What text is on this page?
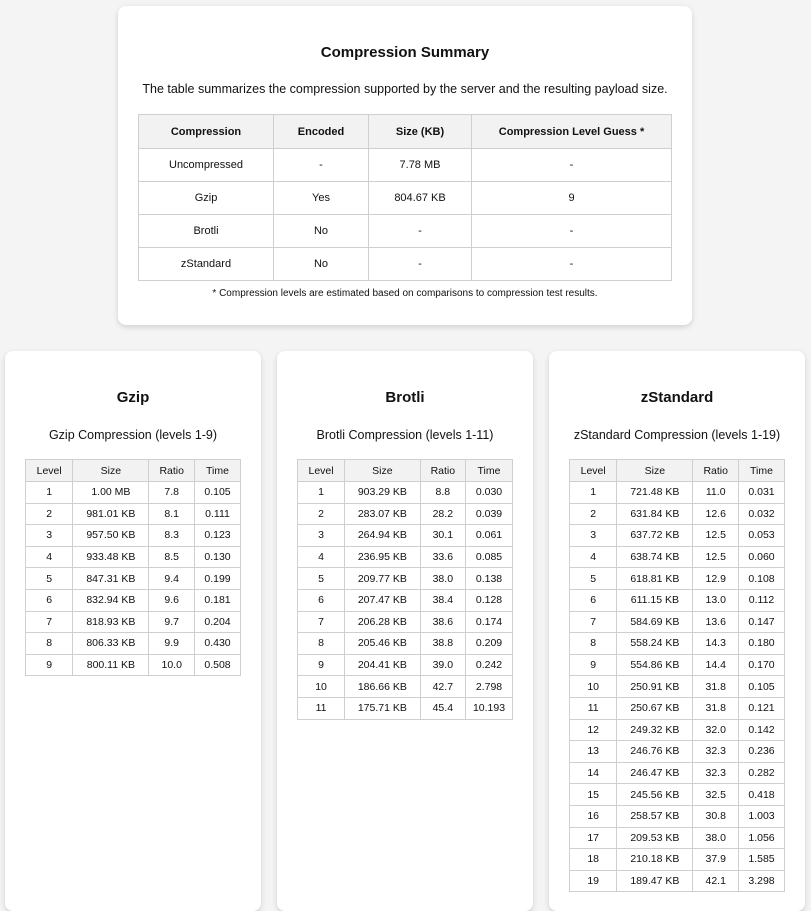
Compression Summary
The table summarizes the compression supported by the server and the resulting payload size.
Compression	Encoded	Size (KB)	Compression Level Guess *
Uncompressed	-	7.78 MB	-
Gzip	Yes	804.67 KB	9
Brotli	No	-	-
zStandard	No	-	-
* Compression levels are estimated based on comparisons to compression test results.
Gzip
Gzip Compression (levels 1-9)
Level	Size	Ratio	Time
1	1.00 MB	7.8	0.105
2	981.01 KB	8.1	0.111
3	957.50 KB	8.3	0.123
4	933.48 KB	8.5	0.130
5	847.31 KB	9.4	0.199
6	832.94 KB	9.6	0.181
7	818.93 KB	9.7	0.204
8	806.33 KB	9.9	0.430
9	800.11 KB	10.0	0.508
Brotli
Brotli Compression (levels 1-11)
Level	Size	Ratio	Time
1	903.29 KB	8.8	0.030
2	283.07 KB	28.2	0.039
3	264.94 KB	30.1	0.061
4	236.95 KB	33.6	0.085
5	209.77 KB	38.0	0.138
6	207.47 KB	38.4	0.128
7	206.28 KB	38.6	0.174
8	205.46 KB	38.8	0.209
9	204.41 KB	39.0	0.242
10	186.66 KB	42.7	2.798
11	175.71 KB	45.4	10.193
zStandard
zStandard Compression (levels 1-19)
Level	Size	Ratio	Time
1	721.48 KB	11.0	0.031
2	631.84 KB	12.6	0.032
3	637.72 KB	12.5	0.053
4	638.74 KB	12.5	0.060
5	618.81 KB	12.9	0.108
6	611.15 KB	13.0	0.112
7	584.69 KB	13.6	0.147
8	558.24 KB	14.3	0.180
9	554.86 KB	14.4	0.170
10	250.91 KB	31.8	0.105
11	250.67 KB	31.8	0.121
12	249.32 KB	32.0	0.142
13	246.76 KB	32.3	0.236
14	246.47 KB	32.3	0.282
15	245.56 KB	32.5	0.418
16	258.57 KB	30.8	1.003
17	209.53 KB	38.0	1.056
18	210.18 KB	37.9	1.585
19	189.47 KB	42.1	3.298
